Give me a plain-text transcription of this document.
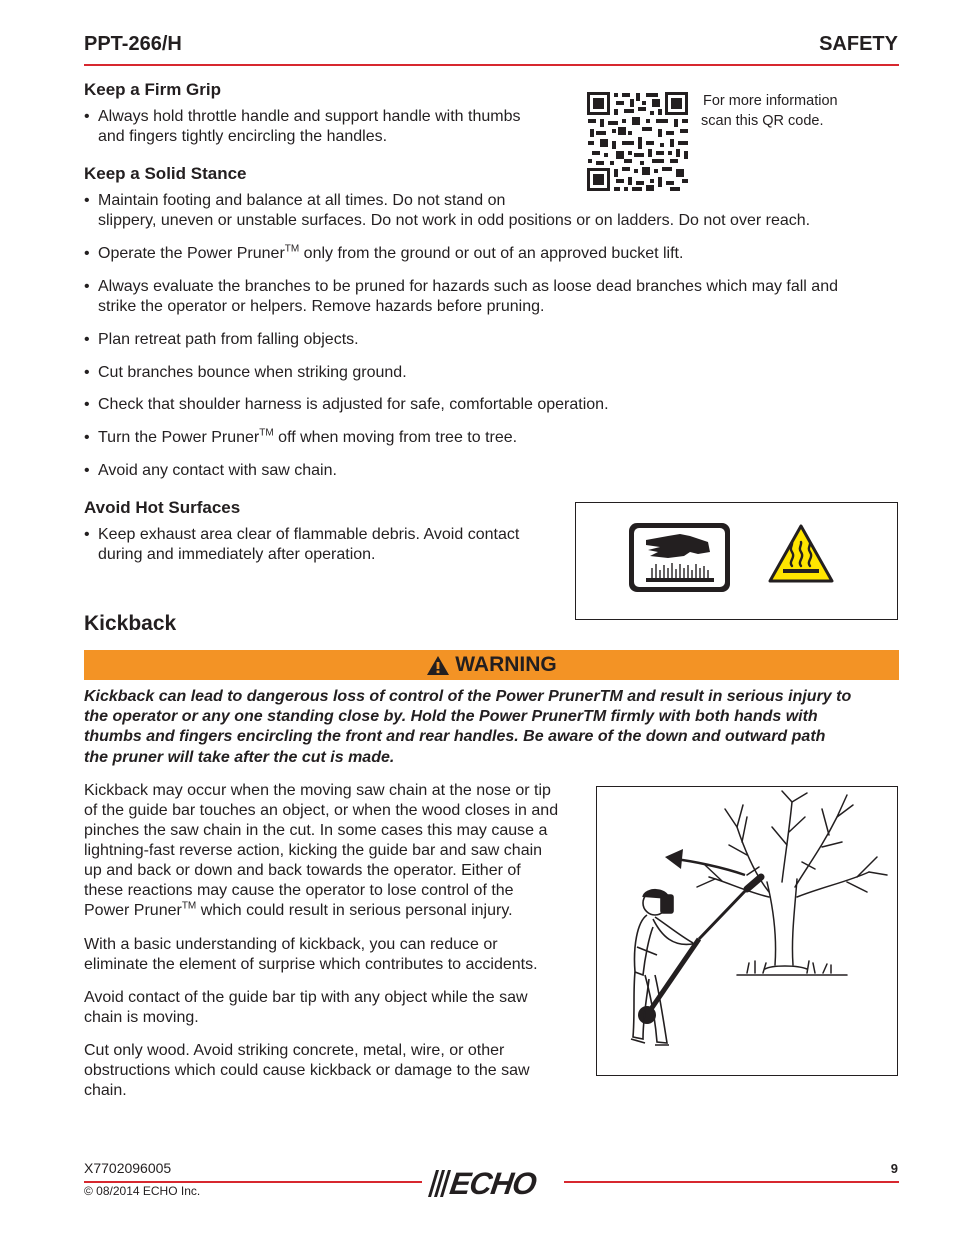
PPT-266/H	SAFETY
For more information
scan this QR code.
Keep a Firm Grip
• Always hold throttle handle and support handle with thumbs
and fingers tightly encircling the handles.
Keep a Solid Stance
• Maintain footing and balance at all times. Do not stand on
slippery, uneven or unstable surfaces. Do not work in odd positions or on ladders. Do not over reach.
• Operate the Power Pruner™ only from the ground or out of an approved bucket lift.
• Always evaluate the branches to be pruned for hazards such as loose dead branches which may fall and
strike the operator or helpers. Remove hazards before pruning.
• Plan retreat path from falling objects.
• Cut branches bounce when striking ground.
• Check that shoulder harness is adjusted for safe, comfortable operation.
• Turn the Power Pruner™ off when moving from tree to tree.
• Avoid any contact with saw chain.
Avoid Hot Surfaces
• Keep exhaust area clear of flammable debris. Avoid contact
during and immediately after operation.
Kickback
WARNING
Kickback can lead to dangerous loss of control of the Power PrunerTM and result in serious injury to
the operator or any one standing close by. Hold the Power PrunerTM firmly with both hands with
thumbs and fingers encircling the front and rear handles. Be aware of the down and outward path
the pruner will take after the cut is made.
Kickback may occur when the moving saw chain at the nose or tip
of the guide bar touches an object, or when the wood closes in and
pinches the saw chain in the cut. In some cases this may cause a
lightning-fast reverse action, kicking the guide bar and saw chain
up and back or down and back towards the operator. Either of
these reactions may cause the operator to lose control of the
Power Pruner™ which could result in serious personal injury.
With a basic understanding of kickback, you can reduce or
eliminate the element of surprise which contributes to accidents.
Avoid contact of the guide bar tip with any object while the saw
chain is moving.
Cut only wood. Avoid striking concrete, metal, wire, or other
obstructions which could cause kickback or damage to the saw
chain.
X7702096005
© 08/2014 ECHO Inc.	ECHO	9
